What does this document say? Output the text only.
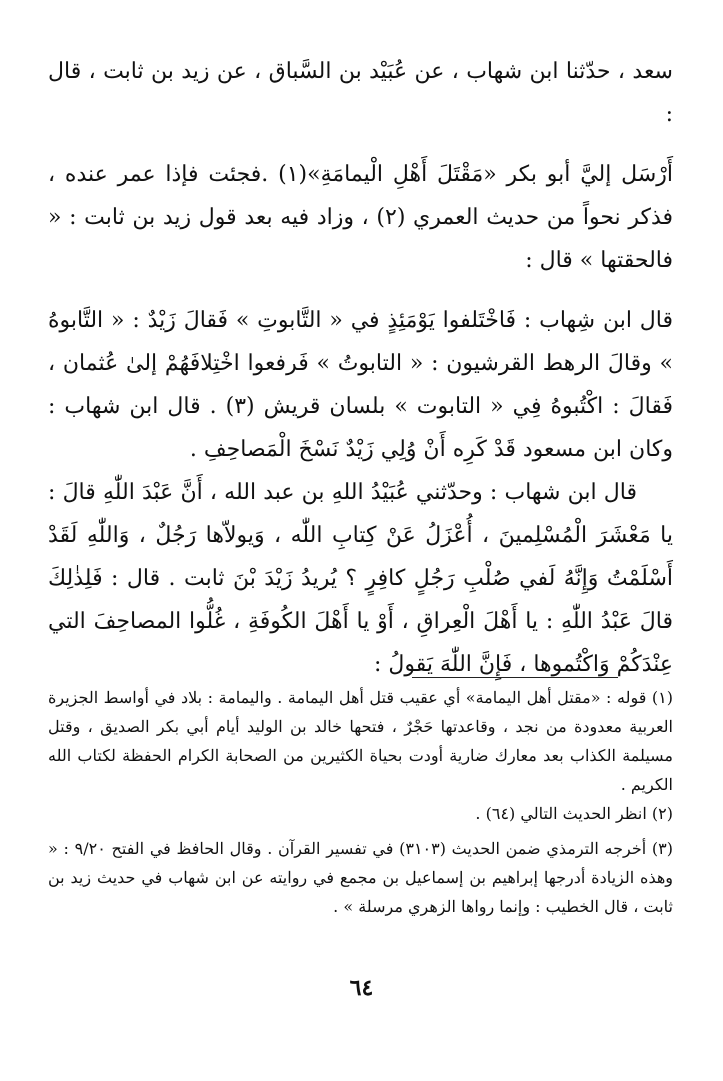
سعد ، حدّثنا ابن شهاب ، عن عُبَيْد بن السَّباق ، عن زيد بن ثابت ، قال :

أَرْسَل إليَّ أبو بكر «مَقْتَلَ أَهْلِ الْيمامَةِ»(١) .فجئت فإذا عمر عنده ، فذكر نحواً من حديث العمري (٢) ، وزاد فيه بعد قول زيد بن ثابت : « فالحقتها » قال :

قال ابن شِهاب : فَاخْتَلفوا يَوْمَئِذٍ في « التَّابوتِ » فَقالَ زَيْدٌ : « التَّابوهُ » وقالَ الرهط القرشيون : « التابوتُ » فَرفعوا اخْتِلافَهُمْ إلىٰ عُثمان ، فَقالَ : اكْتُبوهُ فِي « التابوت » بلسان قريش (٣) . قال ابن شهاب : وكان ابن مسعود قَدْ كَرِه أَنْ وُلِي زَيْدٌ نَسْخَ الْمَصاحِفِ .

قال ابن شهاب : وحدّثني عُبَيْدُ اللهِ بن عبد الله ، أَنَّ عَبْدَ اللّٰهِ قالَ : يا مَعْشَرَ الْمُسْلِمينَ ، أُعْزَلُ عَنْ كِتابِ اللّٰه ، وَيولاّها رَجُلٌ ، وَاللّٰهِ لَقَدْ أَسْلَمْتُ وَإِنَّهُ لَفي صُلْبِ رَجُلٍ كافِرٍ ؟ يُريدُ زَيْدَ بْنَ ثابت . قال : فَلِذٰلِكَ قالَ عَبْدُ اللّٰهِ : يا أَهْلَ الْعِراقِ ، أَوْ يا أَهْلَ الكُوفَةِ ، غُلُّوا المصاحِفَ التي عِنْدَكُمْ وَاكْتُموها ، فَإِنَّ اللّٰهَ يَقولُ :

(١) قوله : «مقتل أهل اليمامة» أي عقيب قتل أهل اليمامة . واليمامة : بلاد في أواسط الجزيرة العربية معدودة من نجد ، وقاعدتها حَجْرٌ ، فتحها خالد بن الوليد أيام أبي بكر الصديق ، وقتل مسيلمة الكذاب بعد معارك ضارية أودت بحياة الكثيرين من الصحابة الكرام الحفظة لكتاب الله الكريم .

(٢) انظر الحديث التالي (٦٤) .

(٣) أخرجه الترمذي ضمن الحديث (٣١٠٣) في تفسير القرآن . وقال الحافظ في الفتح ٩/٢٠ : « وهذه الزيادة أدرجها إبراهيم بن إسماعيل بن مجمع في روايته عن ابن شهاب في حديث زيد بن ثابت ، قال الخطيب : وإنما رواها الزهري مرسلة » .

٦٤
